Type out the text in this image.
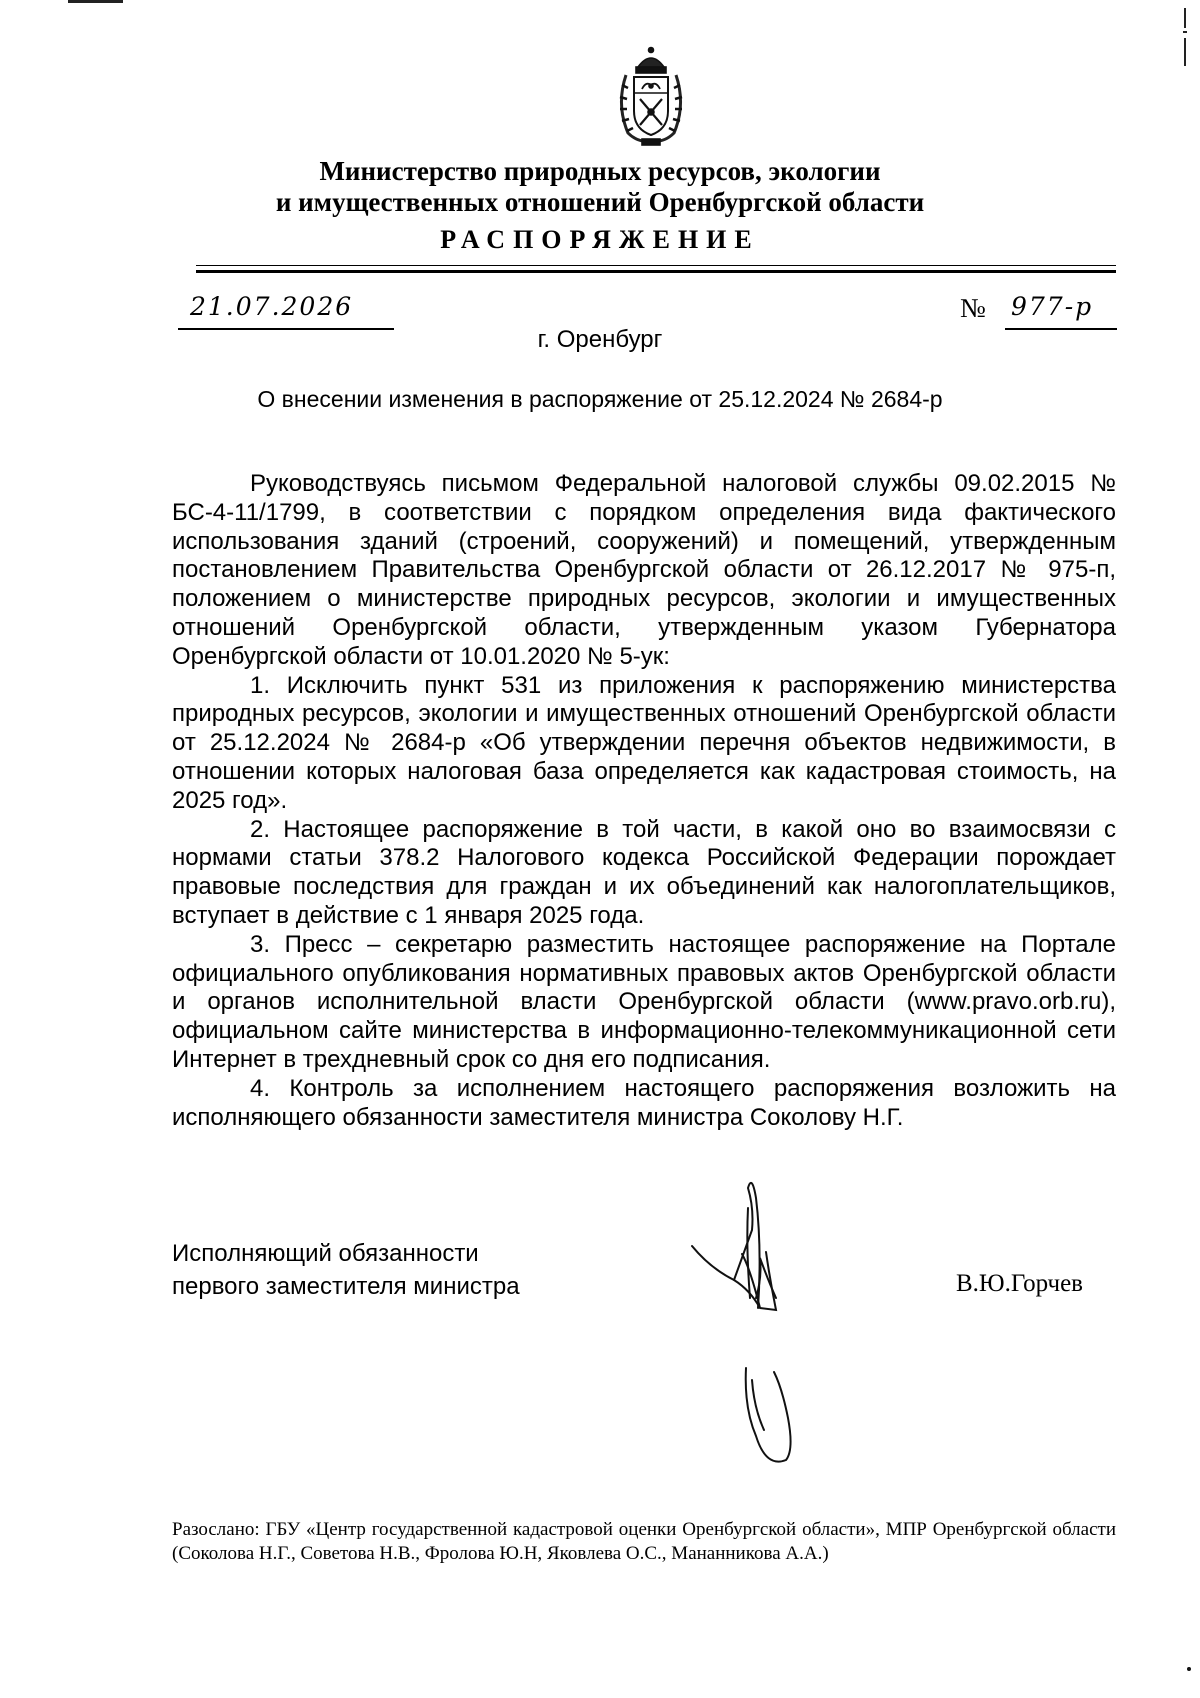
Министерство природных ресурсов, экологии
и имущественных отношений Оренбургской области
РАСПОРЯЖЕНИЕ
21.07.2026	№ 977-р
г. Оренбург
О внесении изменения в распоряжение от 25.12.2024 № 2684-р

Руководствуясь письмом Федеральной налоговой службы 09.02.2015 № БС-4-11/1799, в соответствии с порядком определения вида фактического использования зданий (строений, сооружений) и помещений, утвержденным постановлением Правительства Оренбургской области от 26.12.2017 № 975-п, положением о министерстве природных ресурсов, экологии и имущественных отношений Оренбургской области, утвержденным указом Губернатора Оренбургской области от 10.01.2020 № 5-ук:

1. Исключить пункт 531 из приложения к распоряжению министерства природных ресурсов, экологии и имущественных отношений Оренбургской области от 25.12.2024 № 2684-р «Об утверждении перечня объектов недвижимости, в отношении которых налоговая база определяется как кадастровая стоимость, на 2025 год».

2. Настоящее распоряжение в той части, в какой оно во взаимосвязи с нормами статьи 378.2 Налогового кодекса Российской Федерации порождает правовые последствия для граждан и их объединений как налогоплательщиков, вступает в действие с 1 января 2025 года.

3. Пресс – секретарю разместить настоящее распоряжение на Портале официального опубликования нормативных правовых актов Оренбургской области и органов исполнительной власти Оренбургской области (www.pravo.orb.ru), официальном сайте министерства в информационно-телекоммуникационной сети Интернет в трехдневный срок со дня его подписания.

4. Контроль за исполнением настоящего распоряжения возложить на исполняющего обязанности заместителя министра Соколову Н.Г.

Исполняющий обязанности
первого заместителя министра	В.Ю.Горчев
Разослано: ГБУ «Центр государственной кадастровой оценки Оренбургской области», МПР Оренбургской области (Соколова Н.Г., Советова Н.В., Фролова Ю.Н, Яковлева О.С., Мананникова А.А.)
